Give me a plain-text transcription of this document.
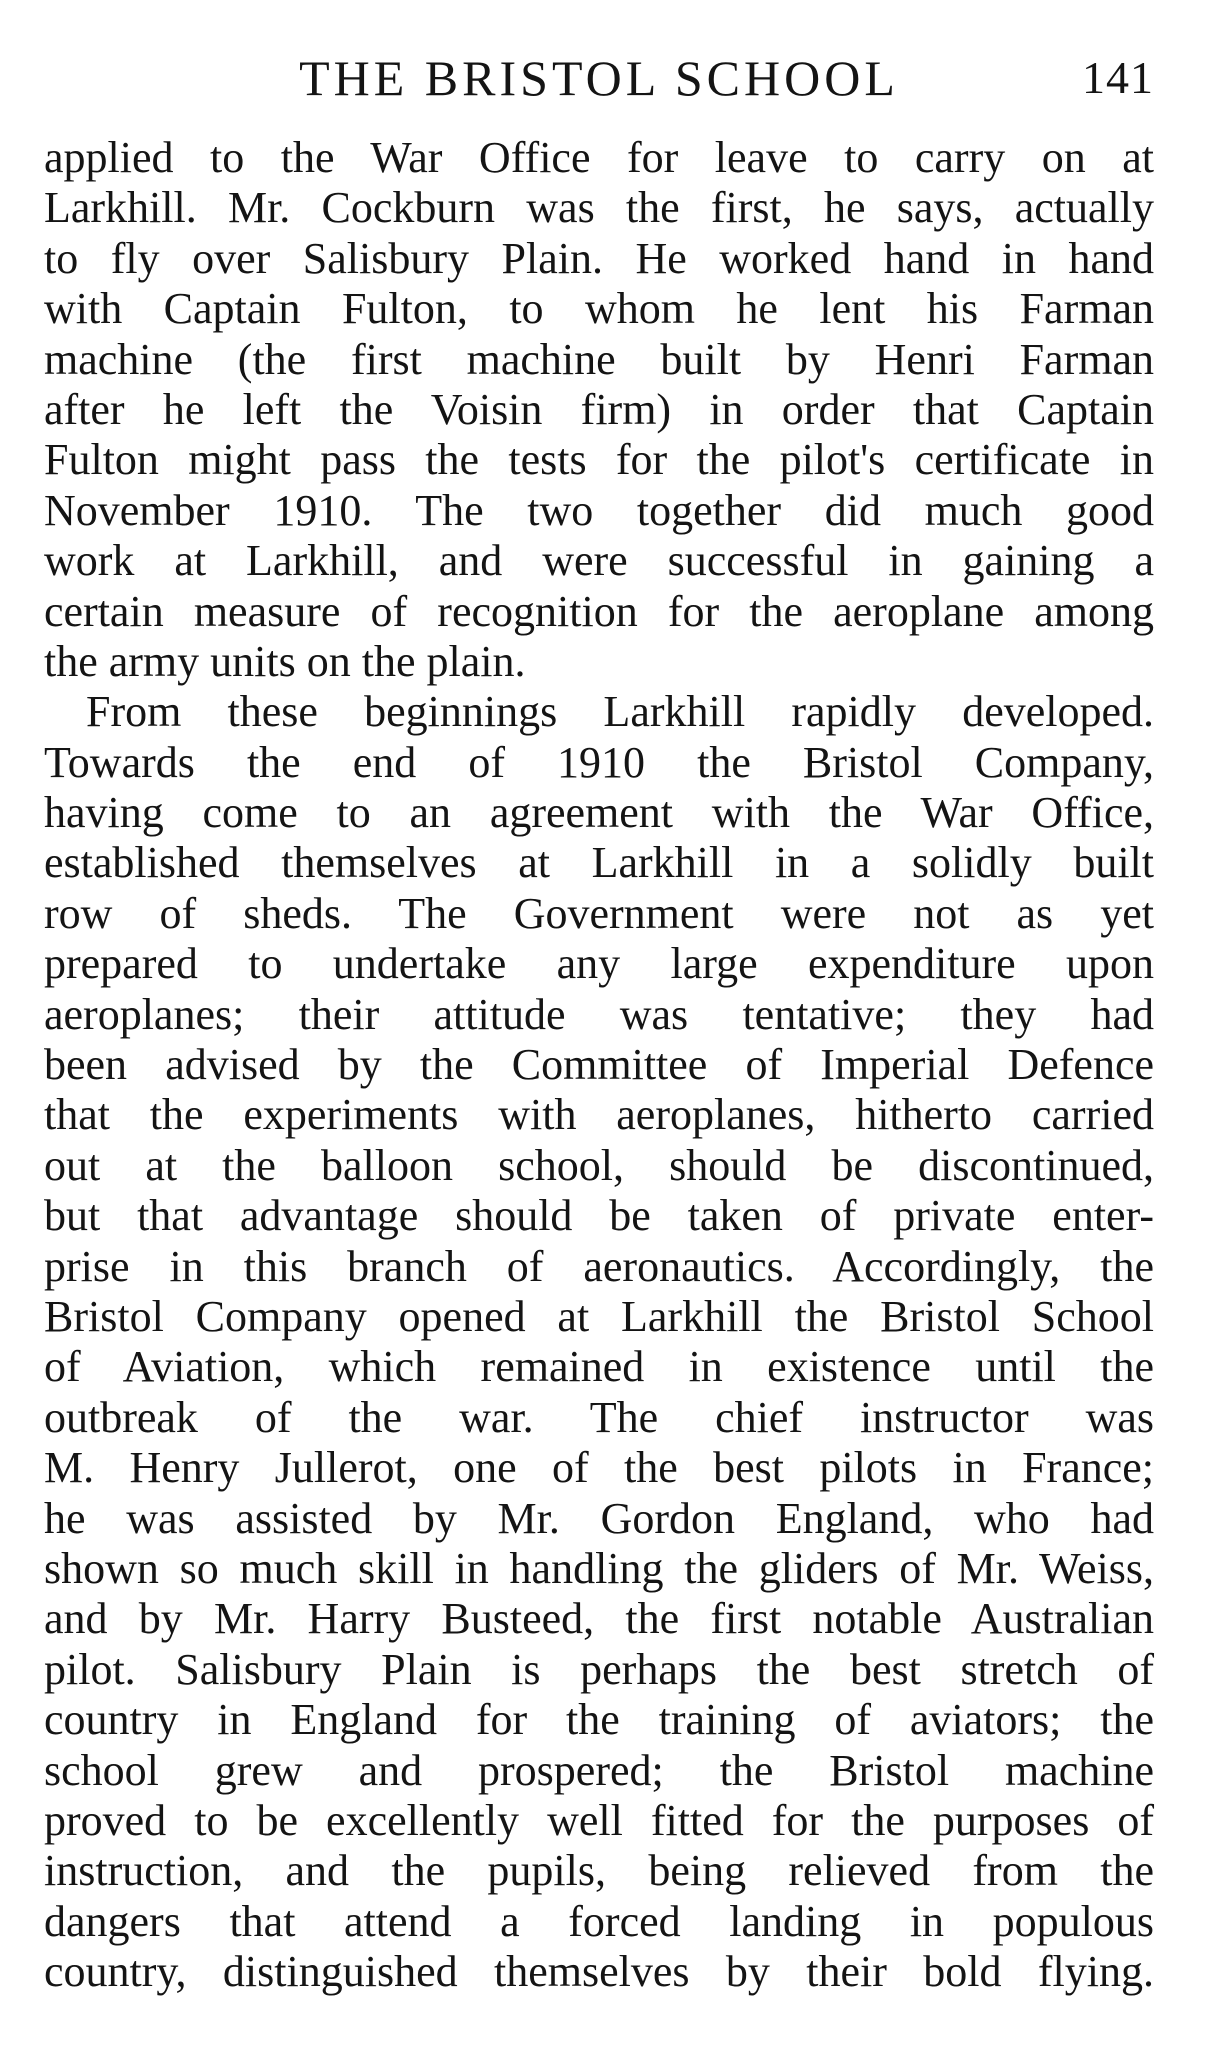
THE BRISTOL SCHOOL	141
applied to the War Office for leave to carry on at
Larkhill. Mr. Cockburn was the first, he says, actually
to fly over Salisbury Plain. He worked hand in hand
with Captain Fulton, to whom he lent his Farman
machine (the first machine built by Henri Farman
after he left the Voisin firm) in order that Captain
Fulton might pass the tests for the pilot's certificate in
November 1910. The two together did much good
work at Larkhill, and were successful in gaining a
certain measure of recognition for the aeroplane among
the army units on the plain.
From these beginnings Larkhill rapidly developed.
Towards the end of 1910 the Bristol Company,
having come to an agreement with the War Office,
established themselves at Larkhill in a solidly built
row of sheds. The Government were not as yet
prepared to undertake any large expenditure upon
aeroplanes; their attitude was tentative; they had
been advised by the Committee of Imperial Defence
that the experiments with aeroplanes, hitherto carried
out at the balloon school, should be discontinued,
but that advantage should be taken of private enter-
prise in this branch of aeronautics. Accordingly, the
Bristol Company opened at Larkhill the Bristol School
of Aviation, which remained in existence until the
outbreak of the war. The chief instructor was
M. Henry Jullerot, one of the best pilots in France;
he was assisted by Mr. Gordon England, who had
shown so much skill in handling the gliders of Mr. Weiss,
and by Mr. Harry Busteed, the first notable Australian
pilot. Salisbury Plain is perhaps the best stretch of
country in England for the training of aviators; the
school grew and prospered; the Bristol machine
proved to be excellently well fitted for the purposes of
instruction, and the pupils, being relieved from the
dangers that attend a forced landing in populous
country, distinguished themselves by their bold flying.
